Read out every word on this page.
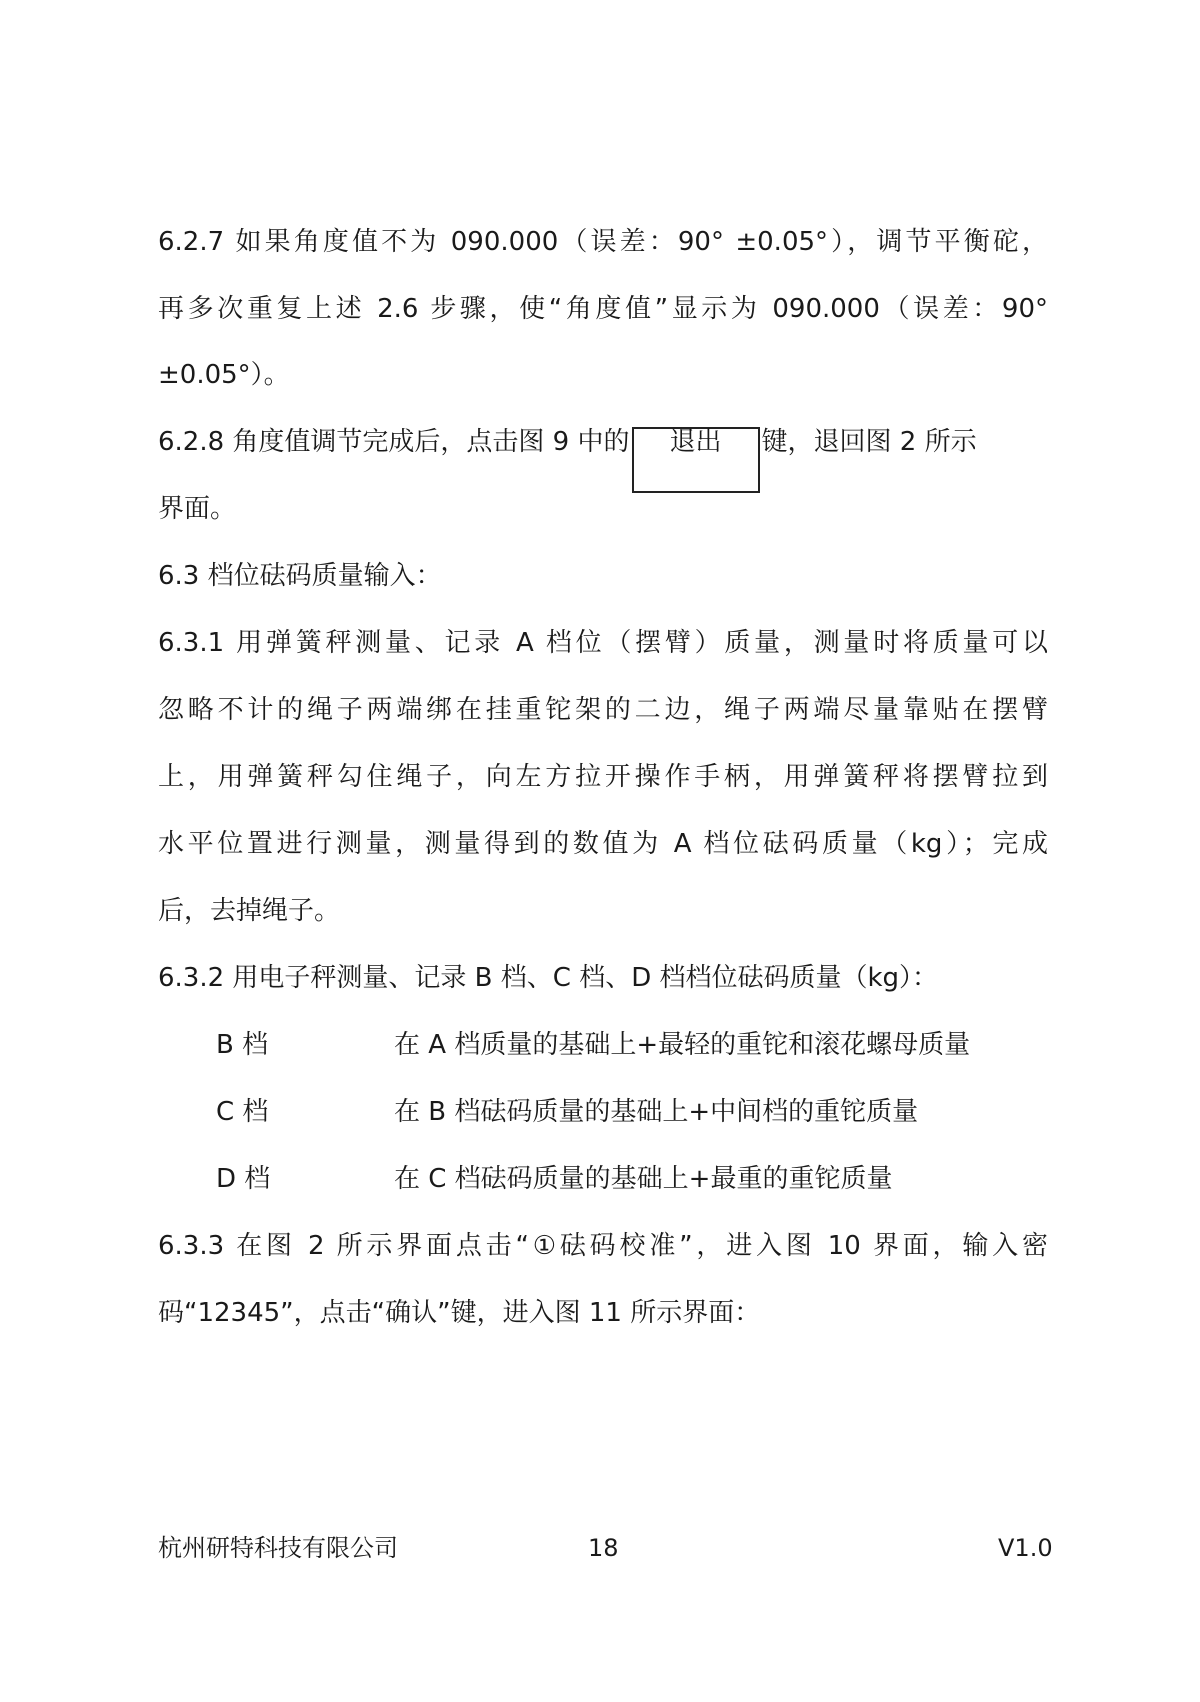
6.2.7 如果角度值不为 090.000（误差：90° ±0.05°），调节平衡砣，
再多次重复上述 2.6 步骤，使“角度值”显示为 090.000（误差：90°
±0.05°）。
6.2.8 角度值调节完成后，点击图 9 中的 退出 键，退回图 2 所示
界面。
6.3 档位砝码质量输入：
6.3.1 用弹簧秤测量、记录 A 档位（摆臂）质量，测量时将质量可以
忽略不计的绳子两端绑在挂重铊架的二边，绳子两端尽量靠贴在摆臂
上，用弹簧秤勾住绳子，向左方拉开操作手柄，用弹簧秤将摆臂拉到
水平位置进行测量，测量得到的数值为 A 档位砝码质量（kg）；完成
后，去掉绳子。
6.3.2 用电子秤测量、记录 B 档、C 档、D 档档位砝码质量（kg）：
B 档	在 A 档质量的基础上+最轻的重铊和滚花螺母质量
C 档	在 B 档砝码质量的基础上+中间档的重铊质量
D 档	在 C 档砝码质量的基础上+最重的重铊质量
6.3.3 在图 2 所示界面点击“①砝码校准”，进入图 10 界面，输入密
码“12345”，点击“确认”键，进入图 11 所示界面：
杭州研特科技有限公司	18	V1.0
